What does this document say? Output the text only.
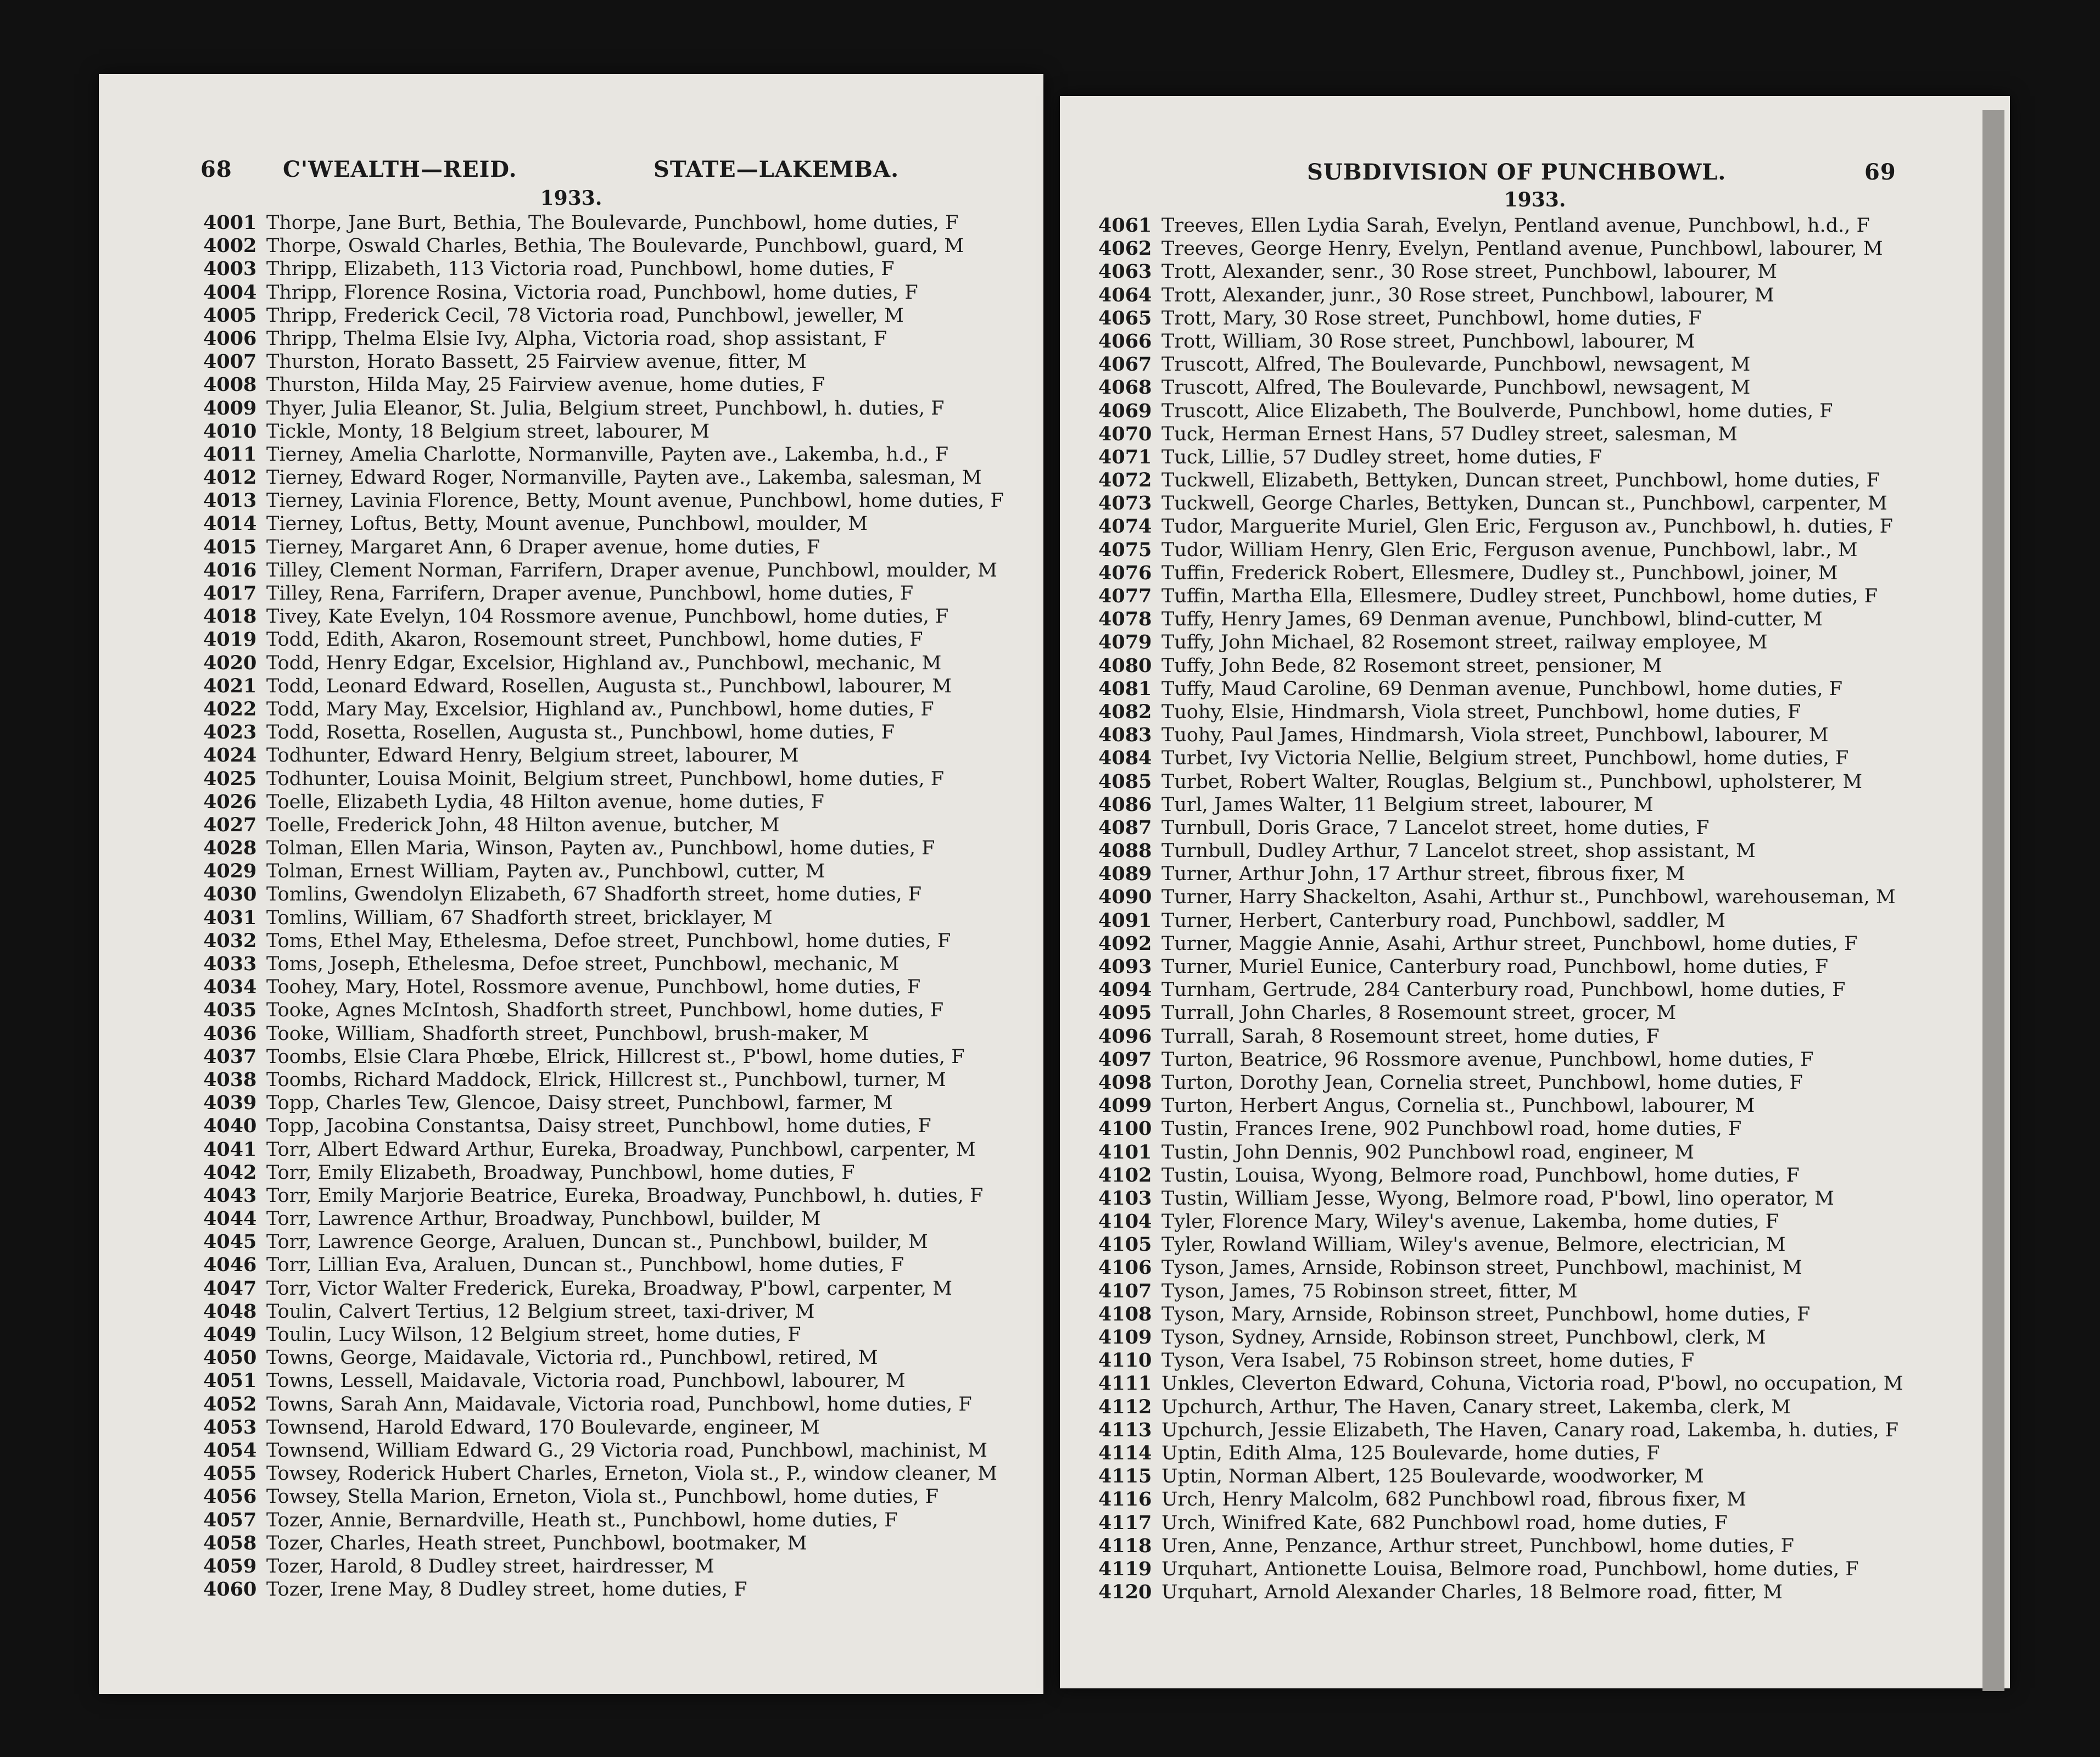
68 C'WEALTH—REID.	STATE—LAKEMBA.
1933.
4001 Thorpe, Jane Burt, Bethia, The Boulevarde, Punchbowl, home duties, F
4002 Thorpe, Oswald Charles, Bethia, The Boulevarde, Punchbowl, guard, M
4003 Thripp, Elizabeth, 113 Victoria road, Punchbowl, home duties, F
4004 Thripp, Florence Rosina, Victoria road, Punchbowl, home duties, F
4005 Thripp, Frederick Cecil, 78 Victoria road, Punchbowl, jeweller, M
4006 Thripp, Thelma Elsie Ivy, Alpha, Victoria road, shop assistant, F
4007 Thurston, Horato Bassett, 25 Fairview avenue, fitter, M
4008 Thurston, Hilda May, 25 Fairview avenue, home duties, F
4009 Thyer, Julia Eleanor, St. Julia, Belgium street, Punchbowl, h. duties, F
4010 Tickle, Monty, 18 Belgium street, labourer, M
4011 Tierney, Amelia Charlotte, Normanville, Payten ave., Lakemba, h.d., F
4012 Tierney, Edward Roger, Normanville, Payten ave., Lakemba, salesman, M
4013 Tierney, Lavinia Florence, Betty, Mount avenue, Punchbowl, home duties, F
4014 Tierney, Loftus, Betty, Mount avenue, Punchbowl, moulder, M
4015 Tierney, Margaret Ann, 6 Draper avenue, home duties, F
4016 Tilley, Clement Norman, Farrifern, Draper avenue, Punchbowl, moulder, M
4017 Tilley, Rena, Farrifern, Draper avenue, Punchbowl, home duties, F
4018 Tivey, Kate Evelyn, 104 Rossmore avenue, Punchbowl, home duties, F
4019 Todd, Edith, Akaron, Rosemount street, Punchbowl, home duties, F
4020 Todd, Henry Edgar, Excelsior, Highland av., Punchbowl, mechanic, M
4021 Todd, Leonard Edward, Rosellen, Augusta st., Punchbowl, labourer, M
4022 Todd, Mary May, Excelsior, Highland av., Punchbowl, home duties, F
4023 Todd, Rosetta, Rosellen, Augusta st., Punchbowl, home duties, F
4024 Todhunter, Edward Henry, Belgium street, labourer, M
4025 Todhunter, Louisa Moinit, Belgium street, Punchbowl, home duties, F
4026 Toelle, Elizabeth Lydia, 48 Hilton avenue, home duties, F
4027 Toelle, Frederick John, 48 Hilton avenue, butcher, M
4028 Tolman, Ellen Maria, Winson, Payten av., Punchbowl, home duties, F
4029 Tolman, Ernest William, Payten av., Punchbowl, cutter, M
4030 Tomlins, Gwendolyn Elizabeth, 67 Shadforth street, home duties, F
4031 Tomlins, William, 67 Shadforth street, bricklayer, M
4032 Toms, Ethel May, Ethelesma, Defoe street, Punchbowl, home duties, F
4033 Toms, Joseph, Ethelesma, Defoe street, Punchbowl, mechanic, M
4034 Toohey, Mary, Hotel, Rossmore avenue, Punchbowl, home duties, F
4035 Tooke, Agnes McIntosh, Shadforth street, Punchbowl, home duties, F
4036 Tooke, William, Shadforth street, Punchbowl, brush-maker, M
4037 Toombs, Elsie Clara Phœbe, Elrick, Hillcrest st., P'bowl, home duties, F
4038 Toombs, Richard Maddock, Elrick, Hillcrest st., Punchbowl, turner, M
4039 Topp, Charles Tew, Glencoe, Daisy street, Punchbowl, farmer, M
4040 Topp, Jacobina Constantsa, Daisy street, Punchbowl, home duties, F
4041 Torr, Albert Edward Arthur, Eureka, Broadway, Punchbowl, carpenter, M
4042 Torr, Emily Elizabeth, Broadway, Punchbowl, home duties, F
4043 Torr, Emily Marjorie Beatrice, Eureka, Broadway, Punchbowl, h. duties, F
4044 Torr, Lawrence Arthur, Broadway, Punchbowl, builder, M
4045 Torr, Lawrence George, Araluen, Duncan st., Punchbowl, builder, M
4046 Torr, Lillian Eva, Araluen, Duncan st., Punchbowl, home duties, F
4047 Torr, Victor Walter Frederick, Eureka, Broadway, P'bowl, carpenter, M
4048 Toulin, Calvert Tertius, 12 Belgium street, taxi-driver, M
4049 Toulin, Lucy Wilson, 12 Belgium street, home duties, F
4050 Towns, George, Maidavale, Victoria rd., Punchbowl, retired, M
4051 Towns, Lessell, Maidavale, Victoria road, Punchbowl, labourer, M
4052 Towns, Sarah Ann, Maidavale, Victoria road, Punchbowl, home duties, F
4053 Townsend, Harold Edward, 170 Boulevarde, engineer, M
4054 Townsend, William Edward G., 29 Victoria road, Punchbowl, machinist, M
4055 Towsey, Roderick Hubert Charles, Erneton, Viola st., P., window cleaner, M
4056 Towsey, Stella Marion, Erneton, Viola st., Punchbowl, home duties, F
4057 Tozer, Annie, Bernardville, Heath st., Punchbowl, home duties, F
4058 Tozer, Charles, Heath street, Punchbowl, bootmaker, M
4059 Tozer, Harold, 8 Dudley street, hairdresser, M
4060 Tozer, Irene May, 8 Dudley street, home duties, F
SUBDIVISION OF PUNCHBOWL.	69
1933.
4061 Treeves, Ellen Lydia Sarah, Evelyn, Pentland avenue, Punchbowl, h.d., F
4062 Treeves, George Henry, Evelyn, Pentland avenue, Punchbowl, labourer, M
4063 Trott, Alexander, senr., 30 Rose street, Punchbowl, labourer, M
4064 Trott, Alexander, junr., 30 Rose street, Punchbowl, labourer, M
4065 Trott, Mary, 30 Rose street, Punchbowl, home duties, F
4066 Trott, William, 30 Rose street, Punchbowl, labourer, M
4067 Truscott, Alfred, The Boulevarde, Punchbowl, newsagent, M
4068 Truscott, Alfred, The Boulevarde, Punchbowl, newsagent, M
4069 Truscott, Alice Elizabeth, The Boulverde, Punchbowl, home duties, F
4070 Tuck, Herman Ernest Hans, 57 Dudley street, salesman, M
4071 Tuck, Lillie, 57 Dudley street, home duties, F
4072 Tuckwell, Elizabeth, Bettyken, Duncan street, Punchbowl, home duties, F
4073 Tuckwell, George Charles, Bettyken, Duncan st., Punchbowl, carpenter, M
4074 Tudor, Marguerite Muriel, Glen Eric, Ferguson av., Punchbowl, h. duties, F
4075 Tudor, William Henry, Glen Eric, Ferguson avenue, Punchbowl, labr., M
4076 Tuffin, Frederick Robert, Ellesmere, Dudley st., Punchbowl, joiner, M
4077 Tuffin, Martha Ella, Ellesmere, Dudley street, Punchbowl, home duties, F
4078 Tuffy, Henry James, 69 Denman avenue, Punchbowl, blind-cutter, M
4079 Tuffy, John Michael, 82 Rosemont street, railway employee, M
4080 Tuffy, John Bede, 82 Rosemont street, pensioner, M
4081 Tuffy, Maud Caroline, 69 Denman avenue, Punchbowl, home duties, F
4082 Tuohy, Elsie, Hindmarsh, Viola street, Punchbowl, home duties, F
4083 Tuohy, Paul James, Hindmarsh, Viola street, Punchbowl, labourer, M
4084 Turbet, Ivy Victoria Nellie, Belgium street, Punchbowl, home duties, F
4085 Turbet, Robert Walter, Rouglas, Belgium st., Punchbowl, upholsterer, M
4086 Turl, James Walter, 11 Belgium street, labourer, M
4087 Turnbull, Doris Grace, 7 Lancelot street, home duties, F
4088 Turnbull, Dudley Arthur, 7 Lancelot street, shop assistant, M
4089 Turner, Arthur John, 17 Arthur street, fibrous fixer, M
4090 Turner, Harry Shackelton, Asahi, Arthur st., Punchbowl, warehouseman, M
4091 Turner, Herbert, Canterbury road, Punchbowl, saddler, M
4092 Turner, Maggie Annie, Asahi, Arthur street, Punchbowl, home duties, F
4093 Turner, Muriel Eunice, Canterbury road, Punchbowl, home duties, F
4094 Turnham, Gertrude, 284 Canterbury road, Punchbowl, home duties, F
4095 Turrall, John Charles, 8 Rosemount street, grocer, M
4096 Turrall, Sarah, 8 Rosemount street, home duties, F
4097 Turton, Beatrice, 96 Rossmore avenue, Punchbowl, home duties, F
4098 Turton, Dorothy Jean, Cornelia street, Punchbowl, home duties, F
4099 Turton, Herbert Angus, Cornelia st., Punchbowl, labourer, M
4100 Tustin, Frances Irene, 902 Punchbowl road, home duties, F
4101 Tustin, John Dennis, 902 Punchbowl road, engineer, M
4102 Tustin, Louisa, Wyong, Belmore road, Punchbowl, home duties, F
4103 Tustin, William Jesse, Wyong, Belmore road, P'bowl, lino operator, M
4104 Tyler, Florence Mary, Wiley's avenue, Lakemba, home duties, F
4105 Tyler, Rowland William, Wiley's avenue, Belmore, electrician, M
4106 Tyson, James, Arnside, Robinson street, Punchbowl, machinist, M
4107 Tyson, James, 75 Robinson street, fitter, M
4108 Tyson, Mary, Arnside, Robinson street, Punchbowl, home duties, F
4109 Tyson, Sydney, Arnside, Robinson street, Punchbowl, clerk, M
4110 Tyson, Vera Isabel, 75 Robinson street, home duties, F
4111 Unkles, Cleverton Edward, Cohuna, Victoria road, P'bowl, no occupation, M
4112 Upchurch, Arthur, The Haven, Canary street, Lakemba, clerk, M
4113 Upchurch, Jessie Elizabeth, The Haven, Canary road, Lakemba, h. duties, F
4114 Uptin, Edith Alma, 125 Boulevarde, home duties, F
4115 Uptin, Norman Albert, 125 Boulevarde, woodworker, M
4116 Urch, Henry Malcolm, 682 Punchbowl road, fibrous fixer, M
4117 Urch, Winifred Kate, 682 Punchbowl road, home duties, F
4118 Uren, Anne, Penzance, Arthur street, Punchbowl, home duties, F
4119 Urquhart, Antionette Louisa, Belmore road, Punchbowl, home duties, F
4120 Urquhart, Arnold Alexander Charles, 18 Belmore road, fitter, M
